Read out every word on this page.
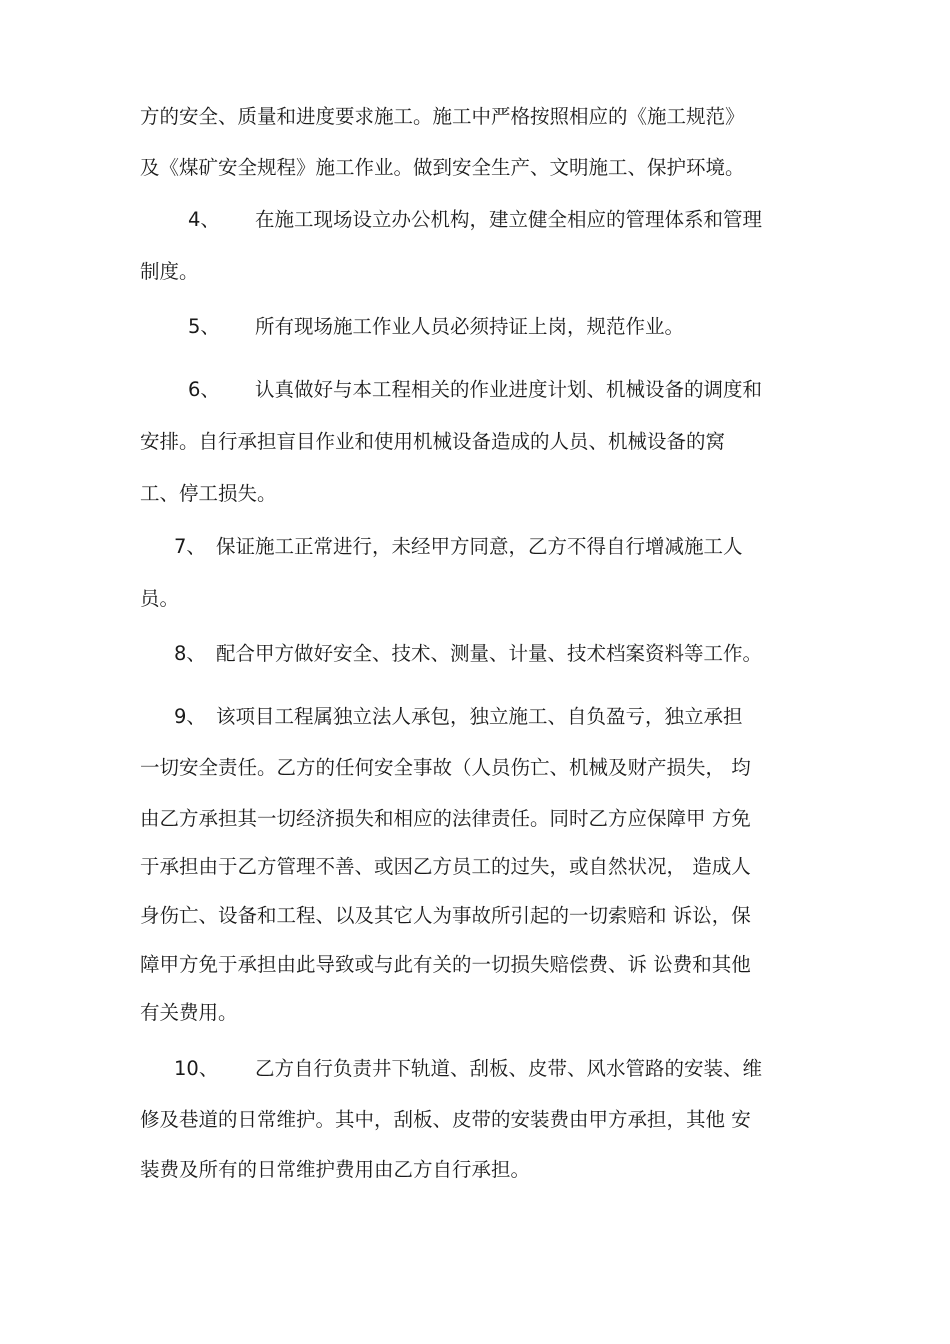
方的安全、质量和进度要求施工。施工中严格按照相应的《施工规范》
及《煤矿安全规程》施工作业。做到安全生产、文明施工、保护环境。
4、 在施工现场设立办公机构，建立健全相应的管理体系和管理
制度。
5、 所有现场施工作业人员必须持证上岗，规范作业。
6、 认真做好与本工程相关的作业进度计划、机械设备的调度和
安排。自行承担盲目作业和使用机械设备造成的人员、机械设备的窝
工、停工损失。
7、 保证施工正常进行，未经甲方同意，乙方不得自行增减施工人
员。
8、 配合甲方做好安全、技术、测量、计量、技术档案资料等工作。
9、 该项目工程属独立法人承包，独立施工、自负盈亏，独立承担
一切安全责任。乙方的任何安全事故（人员伤亡、机械及财产损失， 均
由乙方承担其一切经济损失和相应的法律责任。同时乙方应保障甲 方免
于承担由于乙方管理不善、或因乙方员工的过失，或自然状况， 造成人
身伤亡、设备和工程、以及其它人为事故所引起的一切索赔和 诉讼，保
障甲方免于承担由此导致或与此有关的一切损失赔偿费、诉 讼费和其他
有关费用。
10、 乙方自行负责井下轨道、刮板、皮带、风水管路的安装、维
修及巷道的日常维护。其中，刮板、皮带的安装费由甲方承担，其他 安
装费及所有的日常维护费用由乙方自行承担。
